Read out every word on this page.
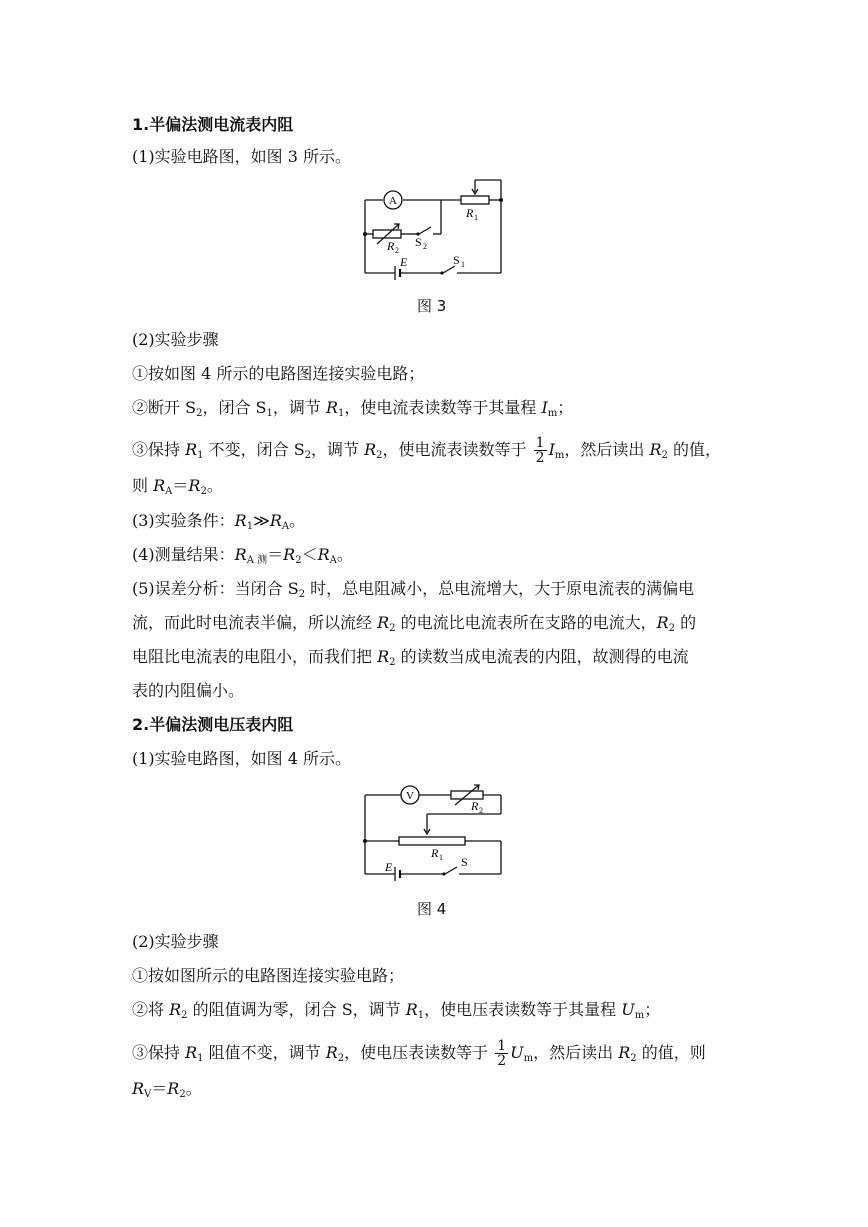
1.半偏法测电流表内阻
(1)实验电路图，如图 3 所示。
A
R 1
R 2
S 2
E	S 1
图 3
(2)实验步骤
①按如图 4 所示的电路图连接实验电路；
②断开 $S_2$，闭合 $S_1$，调节 $R_1$，使电流表读数等于其量程 $I_m$；
③保持 $R_1$ 不变，闭合 $S_2$，调节 $R_2$，使电流表读数等于 $\frac{1}{2} I_m$，然后读出 $R_2$ 的值，
则 $R_A=R_2$。
(3)实验条件：$R_1≫R_A$。
(4)测量结果：$R_{A 测}=R_2<R_A$。
(5)误差分析：当闭合 $S_2$ 时，总电阻减小，总电流增大，大于原电流表的满偏电
流，而此时电流表半偏，所以流经 $R_2$ 的电流比电流表所在支路的电流大，$R_2$ 的
电阻比电流表的电阻小，而我们把 $R_2$ 的读数当成电流表的内阻，故测得的电流
表的内阻偏小。
2.半偏法测电压表内阻
(1)实验电路图，如图 4 所示。
V
R 2
R 1
E	S
图 4
(2)实验步骤
①按如图所示的电路图连接实验电路；
②将 $R_2$ 的阻值调为零，闭合 S，调节 $R_1$，使电压表读数等于其量程 $U_m$；
③保持 $R_1$ 阻值不变，调节 $R_2$，使电压表读数等于 $\frac{1}{2} U_m$，然后读出 $R_2$ 的值，则
$R_V=R_2$。
